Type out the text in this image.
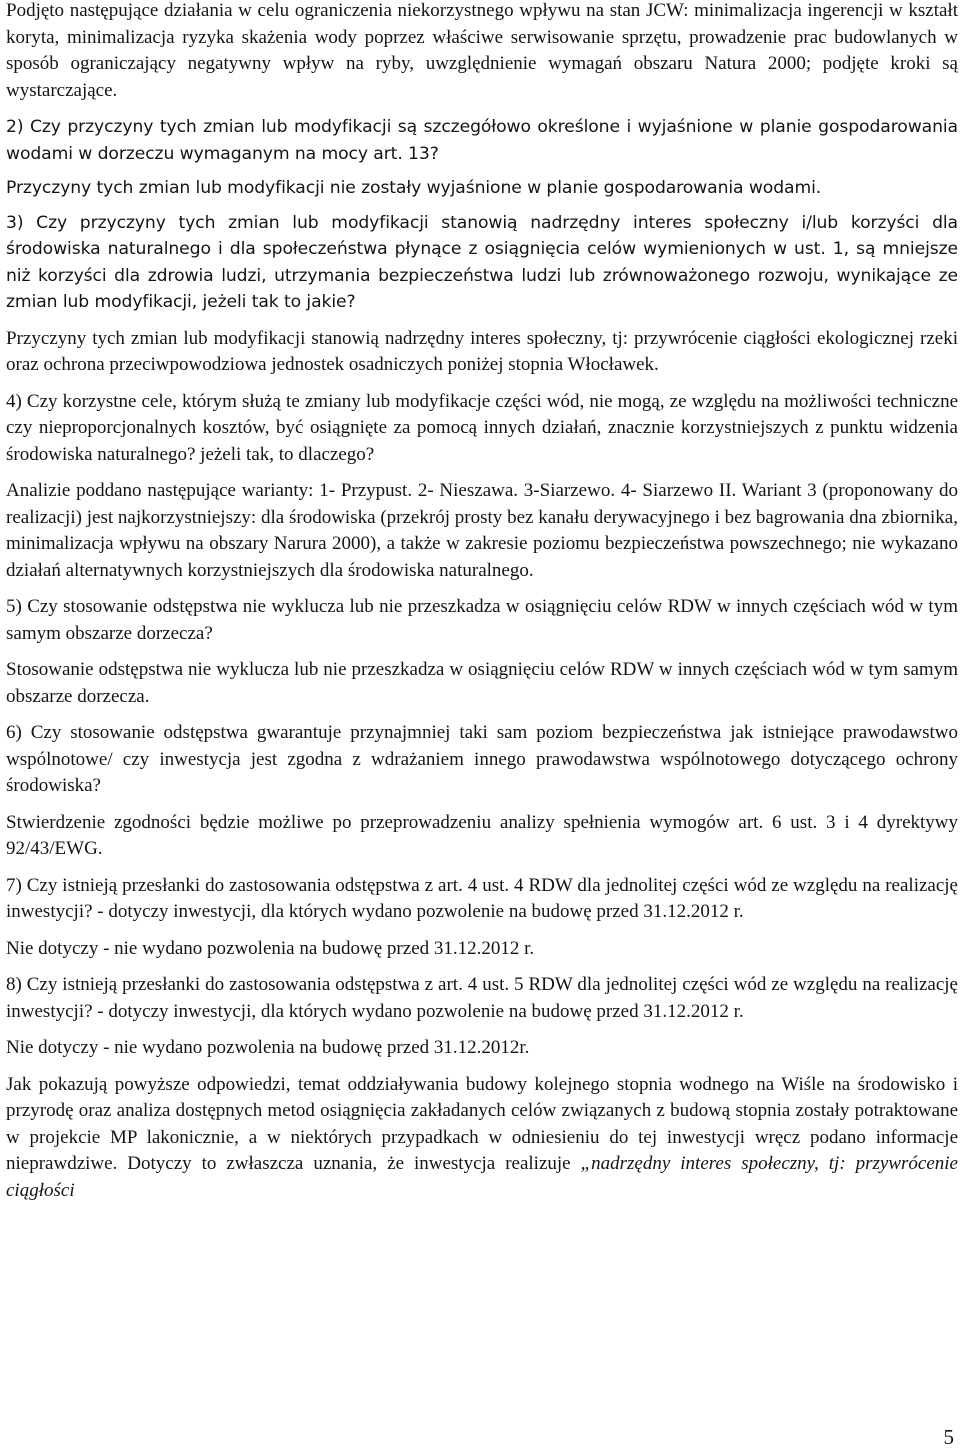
Podjęto następujące działania w celu ograniczenia niekorzystnego wpływu na stan JCW: minimalizacja ingerencji w kształt koryta, minimalizacja ryzyka skażenia wody poprzez właściwe serwisowanie sprzętu, prowadzenie prac budowlanych w sposób ograniczający negatywny wpływ na ryby, uwzględnienie wymagań obszaru Natura 2000; podjęte kroki są wystarczające.

2) Czy przyczyny tych zmian lub modyfikacji są szczegółowo określone i wyjaśnione w planie gospodarowania wodami w dorzeczu wymaganym na mocy art. 13?

Przyczyny tych zmian lub modyfikacji nie zostały wyjaśnione w planie gospodarowania wodami.

3) Czy przyczyny tych zmian lub modyfikacji stanowią nadrzędny interes społeczny i/lub korzyści dla środowiska naturalnego i dla społeczeństwa płynące z osiągnięcia celów wymienionych w ust. 1, są mniejsze niż korzyści dla zdrowia ludzi, utrzymania bezpieczeństwa ludzi lub zrównoważonego rozwoju, wynikające ze zmian lub modyfikacji, jeżeli tak to jakie?

Przyczyny tych zmian lub modyfikacji stanowią nadrzędny interes społeczny, tj: przywrócenie ciągłości ekologicznej rzeki oraz ochrona przeciwpowodziowa jednostek osadniczych poniżej stopnia Włocławek.

4) Czy korzystne cele, którym służą te zmiany lub modyfikacje części wód, nie mogą, ze względu na możliwości techniczne czy nieproporcjonalnych kosztów, być osiągnięte za pomocą innych działań, znacznie korzystniejszych z punktu widzenia środowiska naturalnego? jeżeli tak, to dlaczego?

Analizie poddano następujące warianty: 1- Przypust. 2- Nieszawa. 3-Siarzewo. 4- Siarzewo II. Wariant 3 (proponowany do realizacji) jest najkorzystniejszy: dla środowiska (przekrój prosty bez kanału derywacyjnego i bez bagrowania dna zbiornika, minimalizacja wpływu na obszary Narura 2000), a także w zakresie poziomu bezpieczeństwa powszechnego; nie wykazano działań alternatywnych korzystniejszych dla środowiska naturalnego.

5) Czy stosowanie odstępstwa nie wyklucza lub nie przeszkadza w osiągnięciu celów RDW w innych częściach wód w tym samym obszarze dorzecza?

Stosowanie odstępstwa nie wyklucza lub nie przeszkadza w osiągnięciu celów RDW w innych częściach wód w tym samym obszarze dorzecza.

6) Czy stosowanie odstępstwa gwarantuje przynajmniej taki sam poziom bezpieczeństwa jak istniejące prawodawstwo wspólnotowe/ czy inwestycja jest zgodna z wdrażaniem innego prawodawstwa wspólnotowego dotyczącego ochrony środowiska?

Stwierdzenie zgodności będzie możliwe po przeprowadzeniu analizy spełnienia wymogów art. 6 ust. 3 i 4 dyrektywy 92/43/EWG.

7) Czy istnieją przesłanki do zastosowania odstępstwa z art. 4 ust. 4 RDW dla jednolitej części wód ze względu na realizację inwestycji? - dotyczy inwestycji, dla których wydano pozwolenie na budowę przed 31.12.2012 r.

Nie dotyczy - nie wydano pozwolenia na budowę przed 31.12.2012 r.

8) Czy istnieją przesłanki do zastosowania odstępstwa z art. 4 ust. 5 RDW dla jednolitej części wód ze względu na realizację inwestycji? - dotyczy inwestycji, dla których wydano pozwolenie na budowę przed 31.12.2012 r.

Nie dotyczy - nie wydano pozwolenia na budowę przed 31.12.2012r.

Jak pokazują powyższe odpowiedzi, temat oddziaływania budowy kolejnego stopnia wodnego na Wiśle na środowisko i przyrodę oraz analiza dostępnych metod osiągnięcia zakładanych celów związanych z budową stopnia zostały potraktowane w projekcie MP lakonicznie, a w niektórych przypadkach w odniesieniu do tej inwestycji wręcz podano informacje nieprawdziwe. Dotyczy to zwłaszcza uznania, że inwestycja realizuje „nadrzędny interes społeczny, tj: przywrócenie ciągłości

5
